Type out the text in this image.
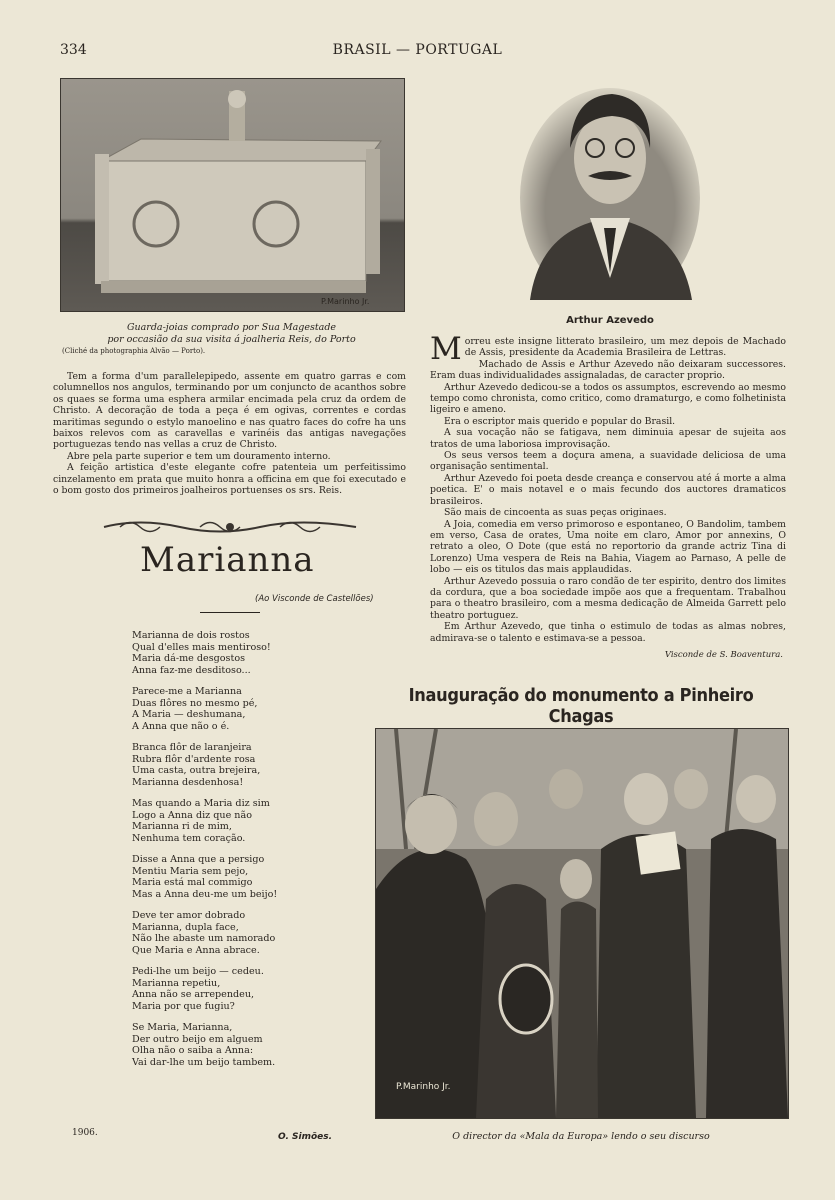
334	BRASIL — PORTUGAL
P.Marinho Jr.
Guarda-joias comprado por Sua Magestade
por occasião da sua visita á joalheria Reis, do Porto
(Cliché da photographia Alvão — Porto).

Tem a forma d'um parallelepipedo, assente em quatro garras e com columnellos nos angulos, terminando por um conjuncto de acanthos sobre os quaes se forma uma esphera armilar encimada pela cruz da ordem de Christo. A decoração de toda a peça é em ogivas, correntes e cordas maritimas segundo o estylo manoelino e nas quatro faces do cofre ha uns baixos relevos com as caravellas e varinéis das antigas navegações portuguezas tendo nas vellas a cruz de Christo.

Abre pela parte superior e tem um douramento interno.

A feição artistica d'este elegante cofre patenteia um perfeitissimo cinzelamento em prata que muito honra a officina em que foi executado e o bom gosto dos primeiros joalheiros portuenses os srs. Reis.

Marianna
(Ao Visconde de Castellões)
Marianna de dois rostos
Qual d'elles mais mentiroso!
Maria dá-me desgostos
Anna faz-me desditoso...
Parece-me a Marianna
Duas flôres no mesmo pé,
A Maria — deshumana,
A Anna que não o é.
Branca flôr de laranjeira
Rubra flôr d'ardente rosa
Uma casta, outra brejeira,
Marianna desdenhosa!
Mas quando a Maria diz sim
Logo a Anna diz que não
Marianna ri de mim,
Nenhuma tem coração.
Disse a Anna que a persigo
Mentiu Maria sem pejo,
Maria está mal commigo
Mas a Anna deu-me um beijo!
Deve ter amor dobrado
Marianna, dupla face,
Não lhe abaste um namorado
Que Maria e Anna abrace.
Pedi-lhe um beijo — cedeu.
Marianna repetiu,
Anna não se arrependeu,
Maria por que fugiu?
Se Maria, Marianna,
Der outro beijo em alguem
Olha não o saiba a Anna:
Vai dar-lhe um beijo tambem.
1906.	O. Simões.
Arthur Azevedo

Morreu este insigne litterato brasileiro, um mez depois de Machado de Assis, presidente da Academia Brasileira de Lettras.

Machado de Assis e Arthur Azevedo não deixaram successores. Eram duas individualidades assignaladas, de caracter proprio.

Arthur Azevedo dedicou-se a todos os assumptos, escrevendo ao mesmo tempo como chronista, como critico, como dramaturgo, e como folhetinista ligeiro e ameno.

Era o escriptor mais querido e popular do Brasil.

A sua vocação não se fatigava, nem diminuia apesar de sujeita aos tratos de uma laboriosa improvisação.

Os seus versos teem a doçura amena, a suavidade deliciosa de uma organisação sentimental.

Arthur Azevedo foi poeta desde creança e conservou até á morte a alma poetica. E' o mais notavel e o mais fecundo dos auctores dramaticos brasileiros.

São mais de cincoenta as suas peças originaes.

A Joia, comedia em verso primoroso e espontaneo, O Bandolim, tambem em verso, Casa de orates, Uma noite em claro, Amor por annexins, O retrato a oleo, O Dote (que está no reportorio da grande actriz Tina di Lorenzo) Uma vespera de Reis na Bahia, Viagem ao Parnaso, A pelle de lobo — eis os titulos das mais applaudidas.

Arthur Azevedo possuia o raro condão de ter espirito, dentro dos limites da cordura, que a boa sociedade impõe aos que a frequentam. Trabalhou para o theatro brasileiro, com a mesma dedicação de Almeida Garrett pelo theatro portuguez.

Em Arthur Azevedo, que tinha o estimulo de todas as almas nobres, admirava-se o talento e estimava-se a pessoa.

Visconde de S. Boaventura.
Inauguração do monumento a Pinheiro Chagas
P.Marinho Jr.
O director da «Mala da Europa» lendo o seu discurso
